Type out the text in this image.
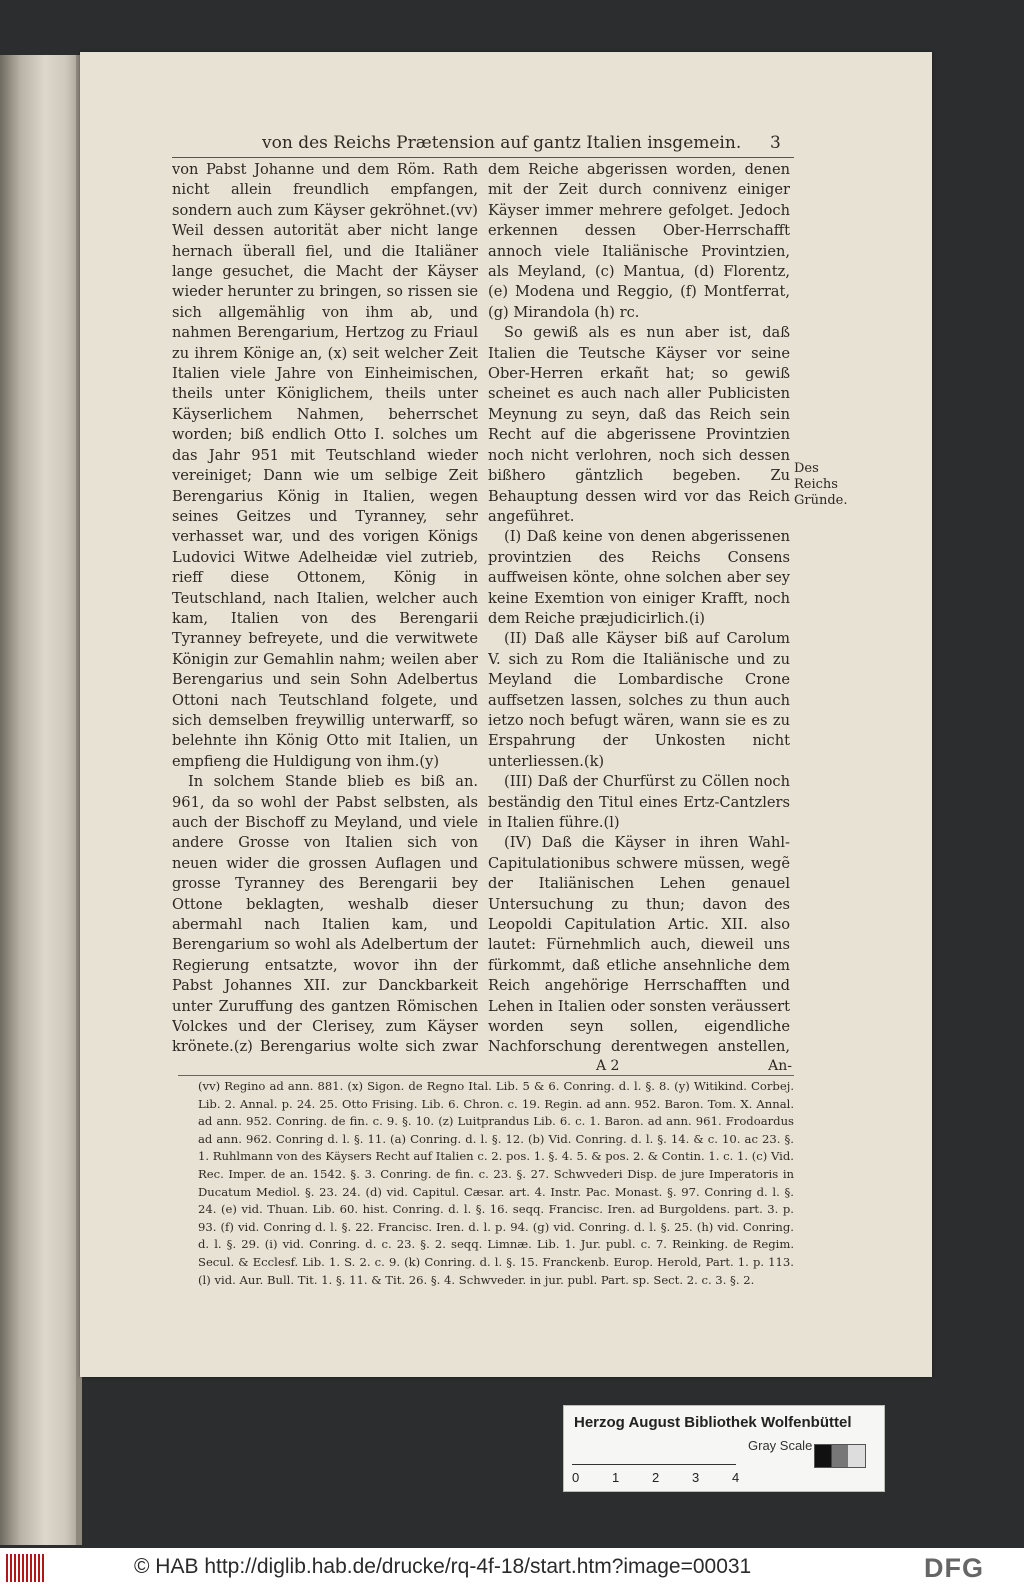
von des Reichs Prætension auf gantz Italien insgemein. 3

von Pabst Johanne und dem Röm. Rath nicht allein freundlich empfangen, sondern auch zum Käyser gekröhnet.(vv) Weil dessen autorität aber nicht lange hernach überall fiel, und die Italiäner lange gesuchet, die Macht der Käyser wieder herunter zu bringen, so rissen sie sich allgemählig von ihm ab, und nahmen Berengarium, Hertzog zu Friaul zu ihrem Könige an, (x) seit welcher Zeit Italien viele Jahre von Einheimischen, theils unter Königlichem, theils unter Käyserlichem Nahmen, beherrschet worden; biß endlich Otto I. solches um das Jahr 951 mit Teutschland wieder vereiniget; Dann wie um selbige Zeit Berengarius König in Italien, wegen seines Geitzes und Tyranney, sehr verhasset war, und des vorigen Königs Ludovici Witwe Adelheidæ viel zutrieb, rieff diese Ottonem, König in Teutschland, nach Italien, welcher auch kam, Italien von des Berengarii Tyranney befreyete, und die verwitwete Königin zur Gemahlin nahm; weilen aber Berengarius und sein Sohn Adelbertus Ottoni nach Teutschland folgete, und sich demselben freywillig unterwarff, so belehnte ihn König Otto mit Italien, un empfieng die Huldigung von ihm.(y)

In solchem Stande blieb es biß an. 961, da so wohl der Pabst selbsten, als auch der Bischoff zu Meyland, und viele andere Grosse von Italien sich von neuen wider die grossen Auflagen und grosse Tyranney des Berengarii bey Ottone beklagten, weshalb dieser abermahl nach Italien kam, und Berengarium so wohl als Adelbertum der Regierung entsatzte, wovor ihn der Pabst Johannes XII. zur Danckbarkeit unter Zuruffung des gantzen Römischen Volckes und der Clerisey, zum Käyser krönete.(z) Berengarius wolte sich zwar

dem Reiche abgerissen worden, denen mit der Zeit durch connivenz einiger Käyser immer mehrere gefolget. Jedoch erkennen dessen Ober-Herrschafft annoch viele Italiänische Provintzien, als Meyland, (c) Mantua, (d) Florentz, (e) Modena und Reggio, (f) Montferrat, (g) Mirandola (h) rc.

So gewiß als es nun aber ist, daß Italien die Teutsche Käyser vor seine Ober-Herren erkañt hat; so gewiß scheinet es auch nach aller Publicisten Meynung zu seyn, daß das Reich sein Recht auf die abgerissene Provintzien noch nicht verlohren, noch sich dessen bißhero gäntzlich begeben. Zu Behauptung dessen wird vor das Reich angeführet.

(I) Daß keine von denen abgerissenen provintzien des Reichs Consens auffweisen könte, ohne solchen aber sey keine Exemtion von einiger Krafft, noch dem Reiche præjudicirlich.(i)

(II) Daß alle Käyser biß auf Carolum V. sich zu Rom die Italiänische und zu Meyland die Lombardische Crone auffsetzen lassen, solches zu thun auch ietzo noch befugt wären, wann sie es zu Erspahrung der Unkosten nicht unterliessen.(k)

(III) Daß der Churfürst zu Cöllen noch beständig den Titul eines Ertz-Cantzlers in Italien führe.(l)

(IV) Daß die Käyser in ihren Wahl-Capitulationibus schwere müssen, wegẽ der Italiänischen Lehen genauel Untersuchung zu thun; davon des Leopoldi Capitulation Artic. XII. also lautet: Fürnehmlich auch, dieweil uns fürkommt, daß etliche ansehnliche dem Reich angehörige Herrschafften und Lehen in Italien oder sonsten veräussert worden seyn sollen, eigendliche Nachforschung derentwegen anstellen,

Des Reichs Gründe.
A 2	An-

(vv) Regino ad ann. 881. (x) Sigon. de Regno Ital. Lib. 5 & 6. Conring. d. l. §. 8. (y) Witikind. Corbej. Lib. 2. Annal. p. 24. 25. Otto Frising. Lib. 6. Chron. c. 19. Regin. ad ann. 952. Baron. Tom. X. Annal. ad ann. 952. Conring. de fin. c. 9. §. 10. (z) Luitprandus Lib. 6. c. 1. Baron. ad ann. 961. Frodoardus ad ann. 962. Conring d. l. §. 11. (a) Conring. d. l. §. 12. (b) Vid. Conring. d. l. §. 14. & c. 10. ac 23. §. 1. Ruhlmann von des Käysers Recht auf Italien c. 2. pos. 1. §. 4. 5. & pos. 2. & Contin. 1. c. 1. (c) Vid. Rec. Imper. de an. 1542. §. 3. Conring. de fin. c. 23. §. 27. Schwvederi Disp. de jure Imperatoris in Ducatum Mediol. §. 23. 24. (d) vid. Capitul. Cæsar. art. 4. Instr. Pac. Monast. §. 97. Conring d. l. §. 24. (e) vid. Thuan. Lib. 60. hist. Conring. d. l. §. 16. seqq. Francisc. Iren. ad Burgoldens. part. 3. p. 93. (f) vid. Conring d. l. §. 22. Francisc. Iren. d. l. p. 94. (g) vid. Conring. d. l. §. 25. (h) vid. Conring. d. l. §. 29. (i) vid. Conring. d. c. 23. §. 2. seqq. Limnæ. Lib. 1. Jur. publ. c. 7. Reinking. de Regim. Secul. & Ecclesf. Lib. 1. S. 2. c. 9. (k) Conring. d. l. §. 15. Franckenb. Europ. Herold, Part. 1. p. 113. (l) vid. Aur. Bull. Tit. 1. §. 11. & Tit. 26. §. 4. Schwveder. in jur. publ. Part. sp. Sect. 2. c. 3. §. 2.

Herzog August Bibliothek Wolfenbüttel
Gray Scale
0	1	2	3	4
© HAB http://diglib.hab.de/drucke/rq-4f-18/start.htm?image=00031	DFG
